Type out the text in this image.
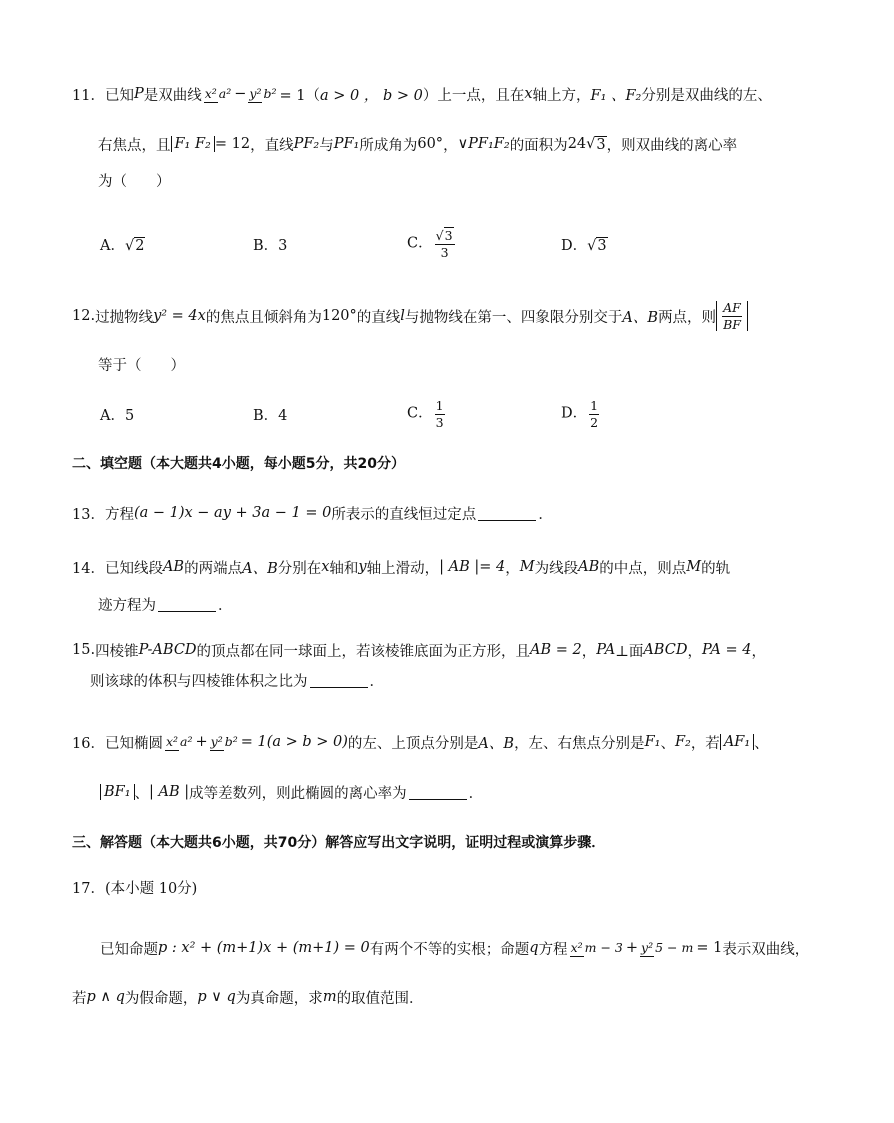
11． 已知 P 是双曲线 x² a² − y² b² = 1（ a > 0 ， b > 0 ）上一点，且在 x 轴上方， F₁ 、F₂ 分别是双曲线的左、
右焦点，且 F₁ F₂ = 12 ，直线 PF₂ 与 PF₁ 所成角为 60° ， ∨PF₁F₂ 的面积为 24 √ 3 ，则双曲线的离心率
为（　　）
A．√2	B．3	C． $\frac{√3}{3}$	D．√3
12. 过抛物线 y² = 4x 的焦点且倾斜角为 120° 的直线 l 与抛物线在第一、四象限分别交于 A、B 两点，则 $\frac{AF}{BF}$
等于（　　）
A．5	B．4	C． $\frac{1}{3}$	D． $\frac{1}{2}$
二、填空题（本大题共4小题，每小题5分，共20分）
13． 方程 (a − 1)x − ay + 3a − 1 = 0 所表示的直线恒过定点	．
14． 已知线段 AB 的两端点 A、B 分别在 x 轴和 y 轴上滑动， | AB |= 4 ， M 为线段 AB 的中点，则点 M 的轨
迹方程为	．
15. 四棱锥 P-ABCD 的顶点都在同一球面上，若该棱锥底面为正方形，且 AB = 2 ， PA ⊥面 ABCD ， PA = 4 ，
则该球的体积与四棱锥体积之比为	．
16． 已知椭圆 x² a² + y² b² = 1(a > b > 0) 的左、上顶点分别是 A、B ，左、右焦点分别是 F₁ 、 F₂ ，若 AF₁ 、
BF₁ 、 | AB | 成等差数列，则此椭圆的离心率为	．
三、解答题（本大题共6小题，共70分）解答应写出文字说明，证明过程或演算步骤．
17．(本小题 10分)
已知命题 p : x² + (m+1)x + (m+1) = 0 有两个不等的实根；命题 q 方程 x² m − 3 + y² 5 − m = 1 表示双曲线，
若 p ∧ q 为假命题， p ∨ q 为真命题，求 m 的取值范围．
